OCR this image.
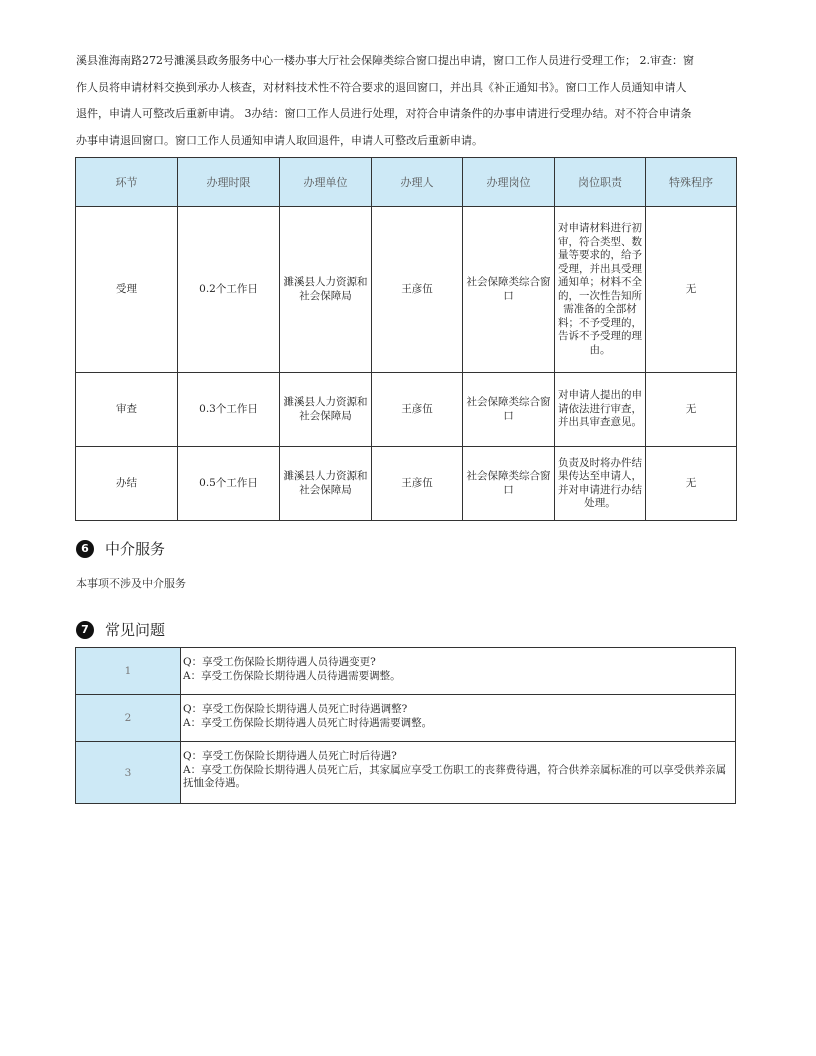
溪县淮海南路272号濉溪县政务服务中心一楼办事大厅社会保障类综合窗口提出申请，窗口工作人员进行受理工作； 2.审查：窗
作人员将申请材料交换到承办人核查，对材料技术性不符合要求的退回窗口，并出具《补正通知书》。窗口工作人员通知申请人
退件，申请人可整改后重新申请。 3办结：窗口工作人员进行处理，对符合申请条件的办事申请进行受理办结。对不符合申请条
办事申请退回窗口。窗口工作人员通知申请人取回退件，申请人可整改后重新申请。
环节	办理时限	办理单位	办理人	办理岗位	岗位职责	特殊程序
受理	0.2个工作日	濉溪县人力资源和社会保障局	王彦伍	社会保障类综合窗口	对申请材料进行初审，符合类型、数量等要求的，给予受理，并出具受理通知单；材料不全的，一次性告知所需准备的全部材料；不予受理的，告诉不予受理的理由。	无
审查	0.3个工作日	濉溪县人力资源和社会保障局	王彦伍	社会保障类综合窗口	对申请人提出的申请依法进行审查，并出具审查意见。	无
办结	0.5个工作日	濉溪县人力资源和社会保障局	王彦伍	社会保障类综合窗口	负责及时将办件结果传达至申请人，并对申请进行办结处理。	无
6	中介服务
本事项不涉及中介服务
7	常见问题
1	Q：享受工伤保险长期待遇人员待遇变更?
A：享受工伤保险长期待遇人员待遇需要调整。

2	Q：享受工伤保险长期待遇人员死亡时待遇调整?
A：享受工伤保险长期待遇人员死亡时待遇需要调整。

3	Q：享受工伤保险长期待遇人员死亡时后待遇?
A：享受工伤保险长期待遇人员死亡后，其家属应享受工伤职工的丧葬费待遇，符合供养亲属标准的可以享受供养亲属抚恤金待遇。
